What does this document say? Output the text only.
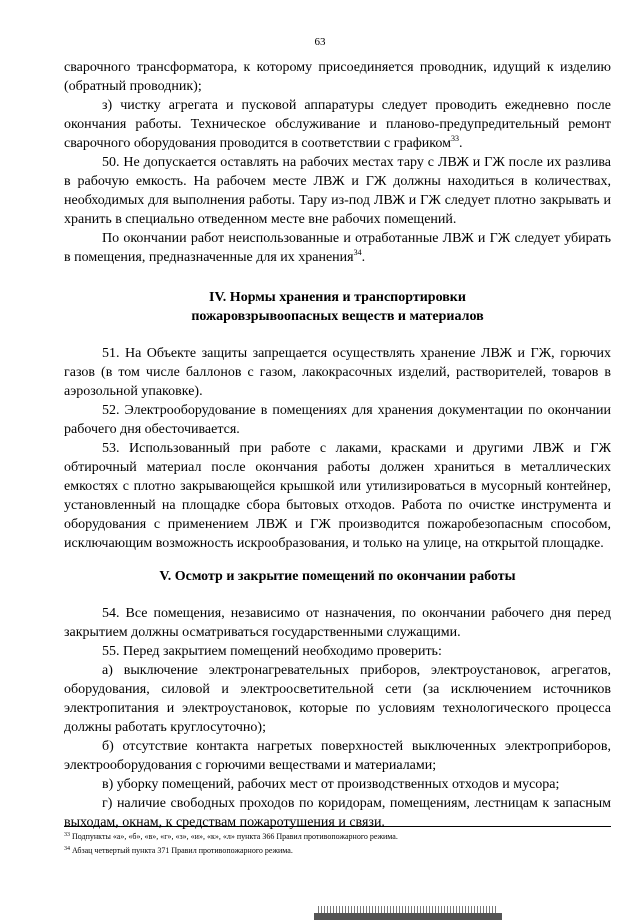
63

сварочного трансформатора, к которому присоединяется проводник, идущий к изделию (обратный проводник);

з) чистку агрегата и пусковой аппаратуры следует проводить ежедневно после окончания работы. Техническое обслуживание и планово-предупредительный ремонт сварочного оборудования проводится в соответствии с графиком$^{33}$.

50. Не допускается оставлять на рабочих местах тару с ЛВЖ и ГЖ после их разлива в рабочую емкость. На рабочем месте ЛВЖ и ГЖ должны находиться в количествах, необходимых для выполнения работы. Тару из-под ЛВЖ и ГЖ следует плотно закрывать и хранить в специально отведенном месте вне рабочих помещений.

По окончании работ неиспользованные и отработанные ЛВЖ и ГЖ следует убирать в помещения, предназначенные для их хранения$^{34}$.

IV. Нормы хранения и транспортировки
пожаровзрывоопасных веществ и материалов

51. На Объекте защиты запрещается осуществлять хранение ЛВЖ и ГЖ, горючих газов (в том числе баллонов с газом, лакокрасочных изделий, растворителей, товаров в аэрозольной упаковке).

52. Электрооборудование в помещениях для хранения документации по окончании рабочего дня обесточивается.

53. Использованный при работе с лаками, красками и другими ЛВЖ и ГЖ обтирочный материал после окончания работы должен храниться в металлических емкостях с плотно закрывающейся крышкой или утилизироваться в мусорный контейнер, установленный на площадке сбора бытовых отходов. Работа по очистке инструмента и оборудования с применением ЛВЖ и ГЖ производится пожаробезопасным способом, исключающим возможность искрообразования, и только на улице, на открытой площадке.

V. Осмотр и закрытие помещений по окончании работы

54. Все помещения, независимо от назначения, по окончании рабочего дня перед закрытием должны осматриваться государственными служащими.

55. Перед закрытием помещений необходимо проверить:

а) выключение электронагревательных приборов, электроустановок, агрегатов, оборудования, силовой и электроосветительной сети (за исключением источников электропитания и электроустановок, которые по условиям технологического процесса должны работать круглосуточно);

б) отсутствие контакта нагретых поверхностей выключенных электроприборов, электрооборудования с горючими веществами и материалами;

в) уборку помещений, рабочих мест от производственных отходов и мусора;

г) наличие свободных проходов по коридорам, помещениям, лестницам к запасным выходам, окнам, к средствам пожаротушения и связи.

$^{33}$ Подпункты «а», «б», «в», «г», «з», «и», «к», «л» пункта 366 Правил противопожарного режима.
$^{34}$ Абзац четвертый пункта 371 Правил противопожарного режима.
